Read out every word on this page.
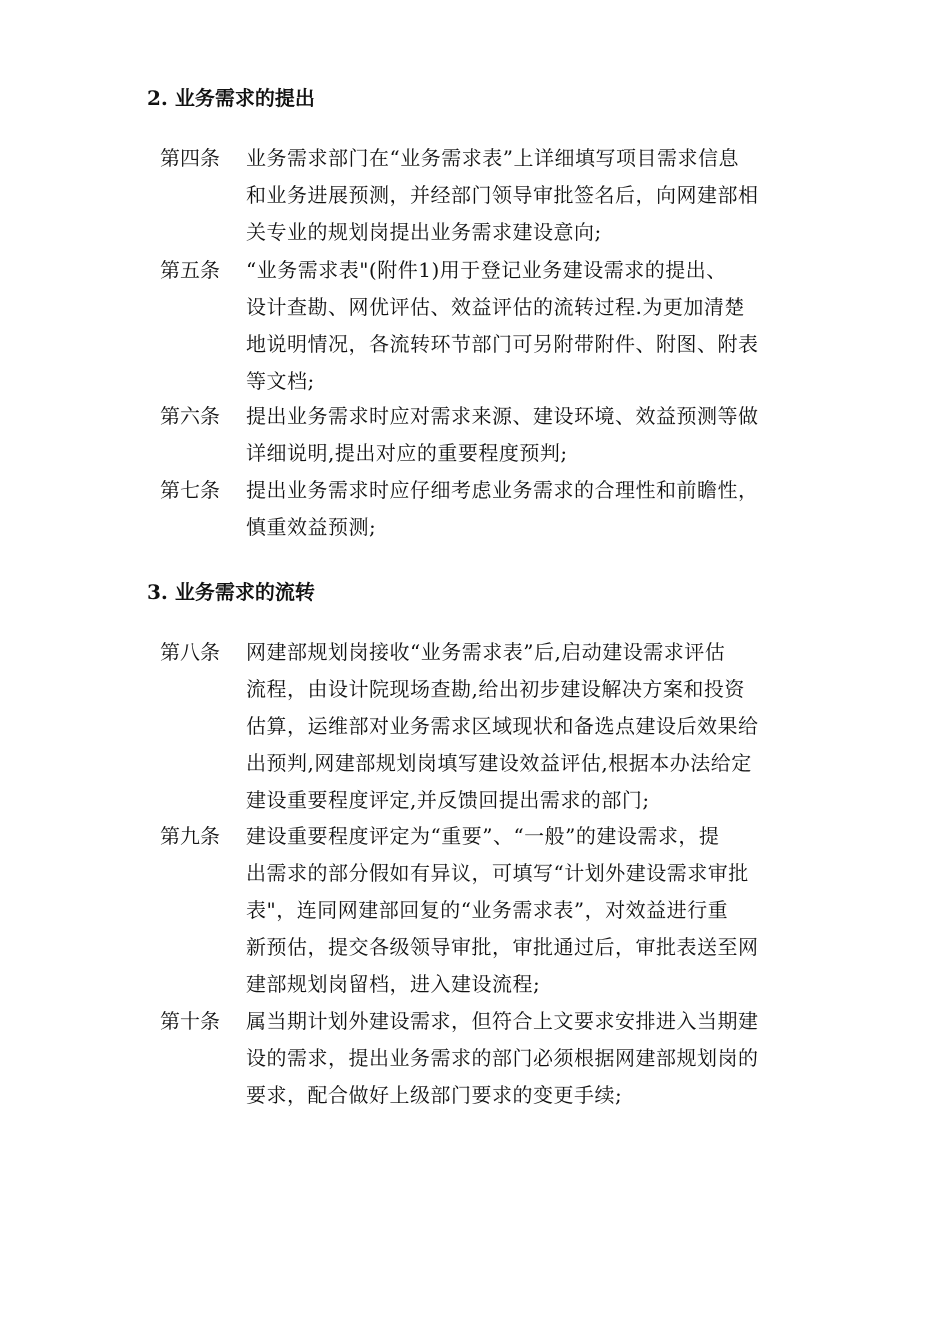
2. 业务需求的提出
第四条	业务需求部门在“业务需求表”上详细填写项目需求信息
和业务进展预测，并经部门领导审批签名后，向网建部相
关专业的规划岗提出业务需求建设意向;
第五条	“业务需求表"(附件1)用于登记业务建设需求的提出、
设计查勘、网优评估、效益评估的流转过程.为更加清楚
地说明情况，各流转环节部门可另附带附件、附图、附表
等文档;
第六条	提出业务需求时应对需求来源、建设环境、效益预测等做
详细说明,提出对应的重要程度预判;
第七条	提出业务需求时应仔细考虑业务需求的合理性和前瞻性，
慎重效益预测;
3. 业务需求的流转
第八条	网建部规划岗接收“业务需求表”后,启动建设需求评估
流程，由设计院现场查勘,给出初步建设解决方案和投资
估算，运维部对业务需求区域现状和备选点建设后效果给
出预判,网建部规划岗填写建设效益评估,根据本办法给定
建设重要程度评定,并反馈回提出需求的部门;
第九条	建设重要程度评定为“重要”、“一般”的建设需求，提
出需求的部分假如有异议，可填写“计划外建设需求审批
表"，连同网建部回复的“业务需求表”，对效益进行重
新预估，提交各级领导审批，审批通过后，审批表送至网
建部规划岗留档，进入建设流程;
第十条	属当期计划外建设需求，但符合上文要求安排进入当期建
设的需求，提出业务需求的部门必须根据网建部规划岗的
要求，配合做好上级部门要求的变更手续;
